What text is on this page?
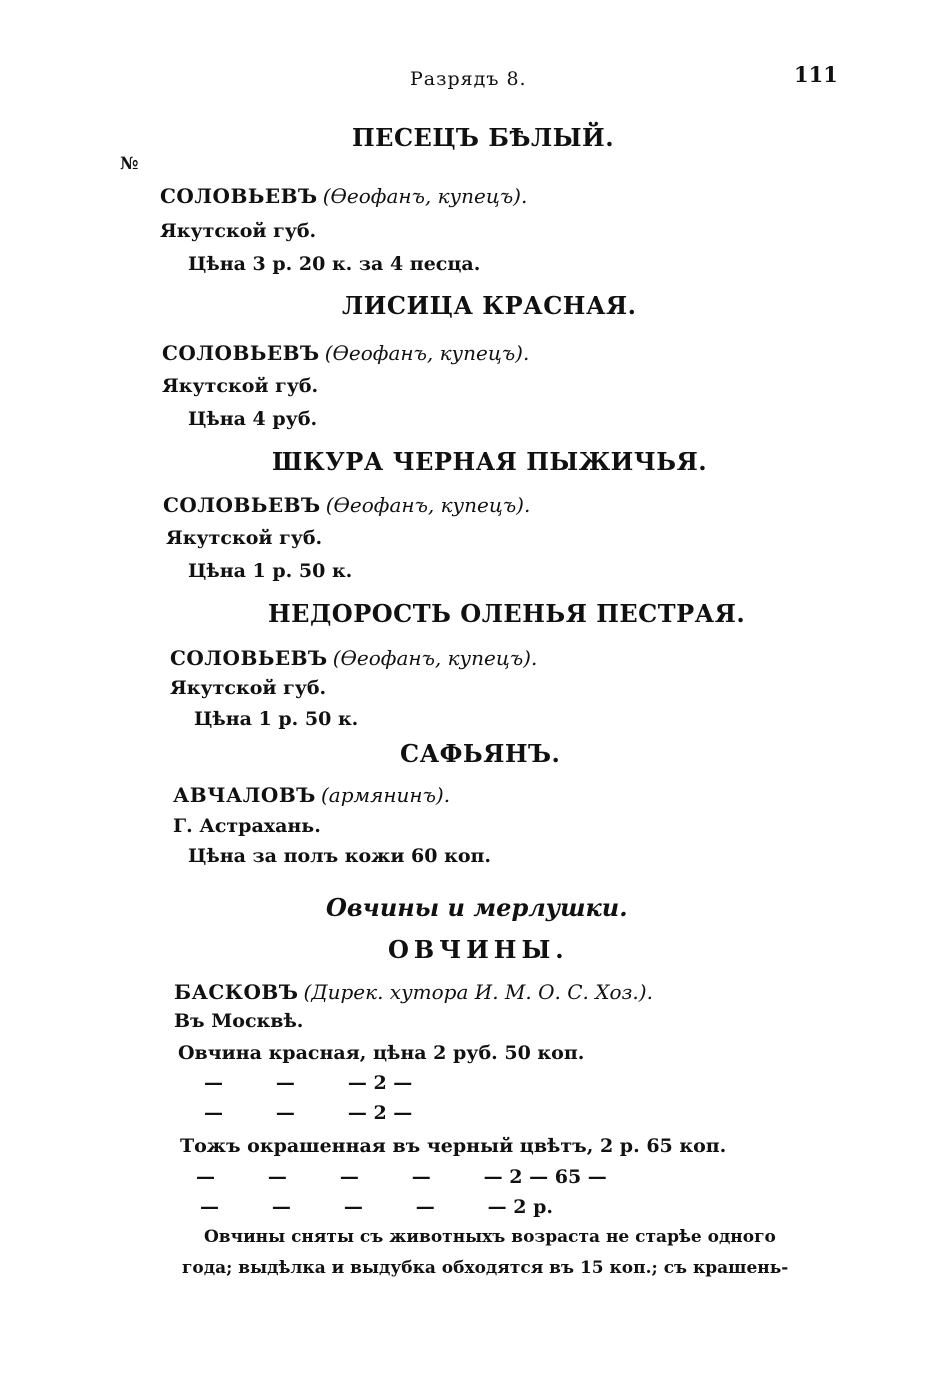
Разрядъ 8.	111
№
ПЕСЕЦЪ БѢЛЫЙ.
СОЛОВЬЕВЪ (Ѳеофанъ, купецъ).
Якутской губ.
Цѣна 3 р. 20 к. за 4 песца.
ЛИСИЦА КРАСНАЯ.
СОЛОВЬЕВЪ (Ѳеофанъ, купецъ).
Якутской губ.
Цѣна 4 руб.
ШКУРА ЧЕРНАЯ ПЫЖИЧЬЯ.
СОЛОВЬЕВЪ (Ѳеофанъ, купецъ).
Якутской губ.
Цѣна 1 р. 50 к.
НЕДОРОСТЬ ОЛЕНЬЯ ПЕСТРАЯ.
СОЛОВЬЕВЪ (Ѳеофанъ, купецъ).
Якутской губ.
Цѣна 1 р. 50 к.
САФЬЯНЪ.
АВЧАЛОВЪ (армянинъ).
Г. Астрахань.
Цѣна за полъ кожи 60 коп.
Овчины и мерлушки.
ОВЧИНЫ.
БАСКОВЪ (Дирек. хутора И. М. О. С. Хоз.).
Въ Москвѣ.
Овчина красная, цѣна 2 руб. 50 коп.
—        —        — 2 —
—        —        — 2 —
Тожъ окрашенная въ черный цвѣтъ, 2 р. 65 коп.
—        —        —        —        — 2 — 65 —
—        —        —        —        — 2 р.
Овчины сняты съ животныхъ возраста не старѣе одного
года; выдѣлка и выдубка обходятся въ 15 коп.; съ крашень-
